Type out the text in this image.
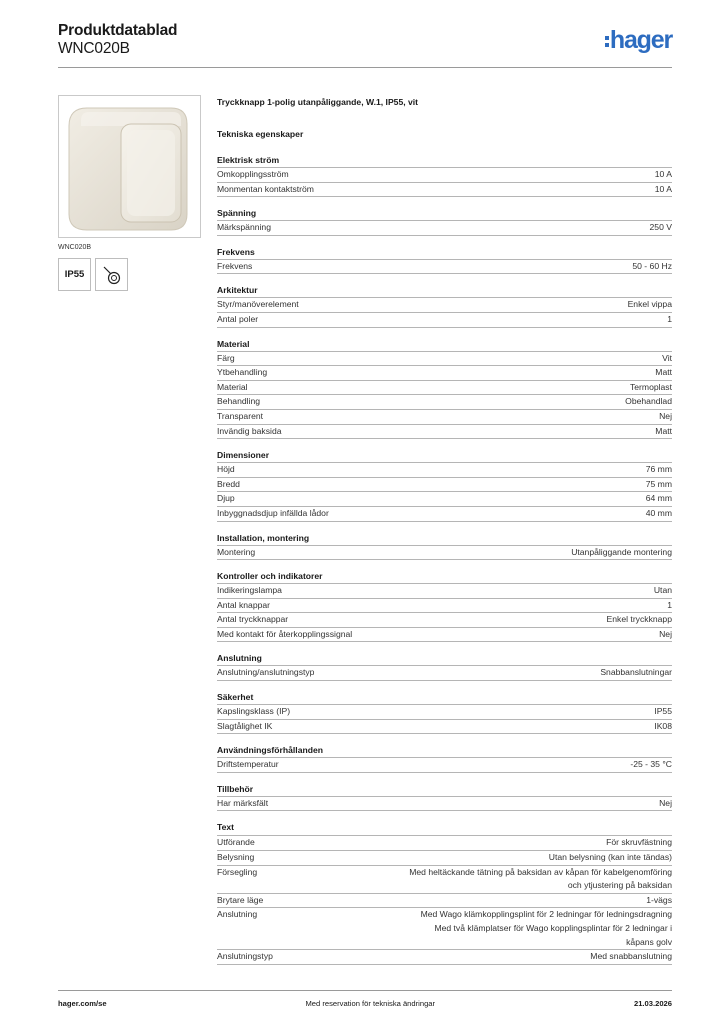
Produktdatablad
WNC020B	hager
WNC020B
IP55
Tryckknapp 1-polig utanpåliggande, W.1, IP55, vit
Tekniska egenskaper
Elektrisk ström
Omkopplingsström	10 A
Monmentan kontaktström	10 A
Spänning
Märkspänning	250 V
Frekvens
Frekvens	50 - 60 Hz
Arkitektur
Styr/manöverelement	Enkel vippa
Antal poler	1
Material
Färg	Vit
Ytbehandling	Matt
Material	Termoplast
Behandling	Obehandlad
Transparent	Nej
Invändig baksida	Matt
Dimensioner
Höjd	76 mm
Bredd	75 mm
Djup	64 mm
Inbyggnadsdjup infällda lådor	40 mm
Installation, montering
Montering	Utanpåliggande montering
Kontroller och indikatorer
Indikeringslampa	Utan
Antal knappar	1
Antal tryckknappar	Enkel tryckknapp
Med kontakt för återkopplingssignal	Nej
Anslutning
Anslutning/anslutningstyp	Snabbanslutningar
Säkerhet
Kapslingsklass (IP)	IP55
Slagtålighet IK	IK08
Användningsförhållanden
Driftstemperatur	-25 - 35 °C
Tillbehör
Har märksfält	Nej
Text
Utförande	För skruvfästning
Belysning	Utan belysning (kan inte tändas)
Försegling	Med heltäckande tätning på baksidan av kåpan för kabelgenomföring
och ytjustering på baksidan
Brytare läge	1-vägs
Anslutning	Med Wago klämkopplingsplint för 2 ledningar för ledningsdragning
Med två klämplatser för Wago kopplingsplintar för 2 ledningar i
kåpans golv
Anslutningstyp	Med snabbanslutning
hager.com/se	Med reservation för tekniska ändringar	21.03.2026
